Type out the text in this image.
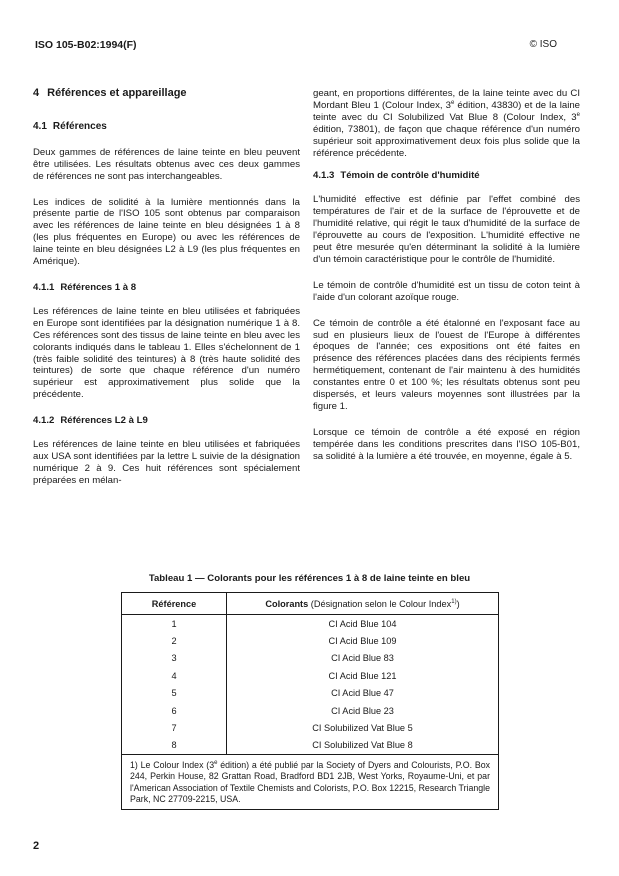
ISO 105-B02:1994(F)	© ISO
4 Références et appareillage
4.1 Références

Deux gammes de références de laine teinte en bleu peuvent être utilisées. Les résultats obtenus avec ces deux gammes de références ne sont pas interchangeables.

Les indices de solidité à la lumière mentionnés dans la présente partie de l'ISO 105 sont obtenus par comparaison avec les références de laine teinte en bleu désignées 1 à 8 (les plus fréquentes en Europe) ou avec les références de laine teinte en bleu désignées L2 à L9 (les plus fréquentes en Amérique).

4.1.1 Références 1 à 8

Les références de laine teinte en bleu utilisées et fabriquées en Europe sont identifiées par la désignation numérique 1 à 8. Ces références sont des tissus de laine teinte en bleu avec les colorants indiqués dans le tableau 1. Elles s'échelonnent de 1 (très faible solidité des teintures) à 8 (très haute solidité des teintures) de sorte que chaque référence d'un numéro supérieur est approximativement plus solide que la précédente.

4.1.2 Références L2 à L9

Les références de laine teinte en bleu utilisées et fabriquées aux USA sont identifiées par la lettre L suivie de la désignation numérique 2 à 9. Ces huit références sont spécialement préparées en mélan-

geant, en proportions différentes, de la laine teinte avec du CI Mordant Bleu 1 (Colour Index, 3e édition, 43830) et de la laine teinte avec du CI Solubilized Vat Blue 8 (Colour Index, 3e édition, 73801), de façon que chaque référence d'un numéro supérieur soit approximativement deux fois plus solide que la référence précédente.

4.1.3 Témoin de contrôle d'humidité

L'humidité effective est définie par l'effet combiné des températures de l'air et de la surface de l'éprouvette et de l'humidité relative, qui régit le taux d'humidité de la surface de l'éprouvette au cours de l'exposition. L'humidité effective ne peut être mesurée qu'en déterminant la solidité à la lumière d'un témoin caractéristique pour le contrôle de l'humidité.

Le témoin de contrôle d'humidité est un tissu de coton teint à l'aide d'un colorant azoïque rouge.

Ce témoin de contrôle a été étalonné en l'exposant face au sud en plusieurs lieux de l'ouest de l'Europe à différentes époques de l'année; ces expositions ont été faites en présence des références placées dans des récipients fermés hermétiquement, contenant de l'air maintenu à des humidités constantes entre 0 et 100 %; les résultats obtenus sont peu dispersés, et leurs valeurs moyennes sont illustrées par la figure 1.

Lorsque ce témoin de contrôle a été exposé en région tempérée dans les conditions prescrites dans l'ISO 105-B01, sa solidité à la lumière a été trouvée, en moyenne, égale à 5.

Tableau 1 — Colorants pour les références 1 à 8 de laine teinte en bleu
Référence	Colorants (Désignation selon le Colour Index$^{1)}$)
1	CI Acid Blue 104
2	CI Acid Blue 109
3	CI Acid Blue 83
4	CI Acid Blue 121
5	CI Acid Blue 47
6	CI Acid Blue 23
7	CI Solubilized Vat Blue 5
8	CI Solubilized Vat Blue 8
1) Le Colour Index (3e édition) a été publié par la Society of Dyers and Colourists, P.O. Box 244, Perkin House, 82 Grattan Road, Bradford BD1 2JB, West Yorks, Royaume-Uni, et par l'American Association of Textile Chemists and Colorists, P.O. Box 12215, Research Triangle Park, NC 27709-2215, USA.
2
